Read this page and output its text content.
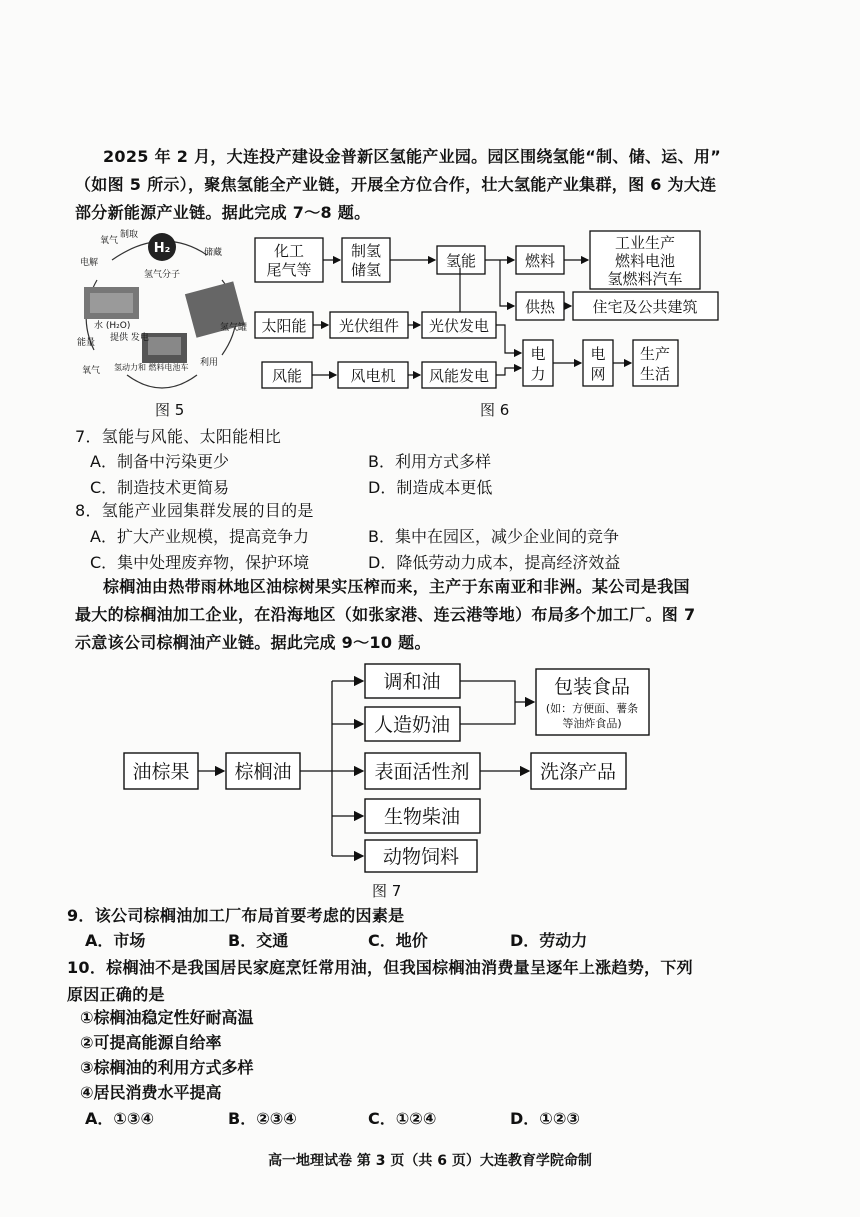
2025 年 2 月，大连投产建设金普新区氢能产业园。园区围绕氢能“制、储、运、用”
（如图 5 所示），聚焦氢能全产业链，开展全方位合作，壮大氢能产业集群，图 6 为大连
部分新能源产业链。据此完成 7～8 题。
H₂
氢气分子
氧气
制取
电解
储藏
水 (H₂O)	氢气罐
利用
能量 提供 发电
氧气 氢动力和 燃料电池车
图 5
化工
尾气等
制氢
储氢	氢能	燃料
工业生产
燃料电池
氢燃料汽车
供热 住宅及公共建筑
太阳能 光伏组件 光伏发电
电
力
电
网
生产
生活
风能	风电机 风能发电
图 6
7．氢能与风能、太阳能相比
A．制备中污染更少	B．利用方式多样
C．制造技术更简易	D．制造成本更低
8．氢能产业园集群发展的目的是
A．扩大产业规模，提高竞争力	B．集中在园区，减少企业间的竞争
C．集中处理废弃物，保护环境	D．降低劳动力成本，提高经济效益
棕榈油由热带雨林地区油棕树果实压榨而来，主产于东南亚和非洲。某公司是我国
最大的棕榈油加工企业，在沿海地区（如张家港、连云港等地）布局多个加工厂。图 7
示意该公司棕榈油产业链。据此完成 9～10 题。
油棕果 棕榈油
调和油
人造奶油
表面活性剂
生物柴油
动物饲料
包装食品
洗涤产品
(如：方便面、薯条
等油炸食品)
图 7
9．该公司棕榈油加工厂布局首要考虑的因素是
A．市场	B．交通	C．地价	D．劳动力
10．棕榈油不是我国居民家庭烹饪常用油，但我国棕榈油消费量呈逐年上涨趋势，下列
原因正确的是
①棕榈油稳定性好耐高温
②可提高能源自给率
③棕榈油的利用方式多样
④居民消费水平提高
A．①③④	B．②③④	C．①②④	D．①②③
高一地理试卷 第 3 页（共 6 页）大连教育学院命制
